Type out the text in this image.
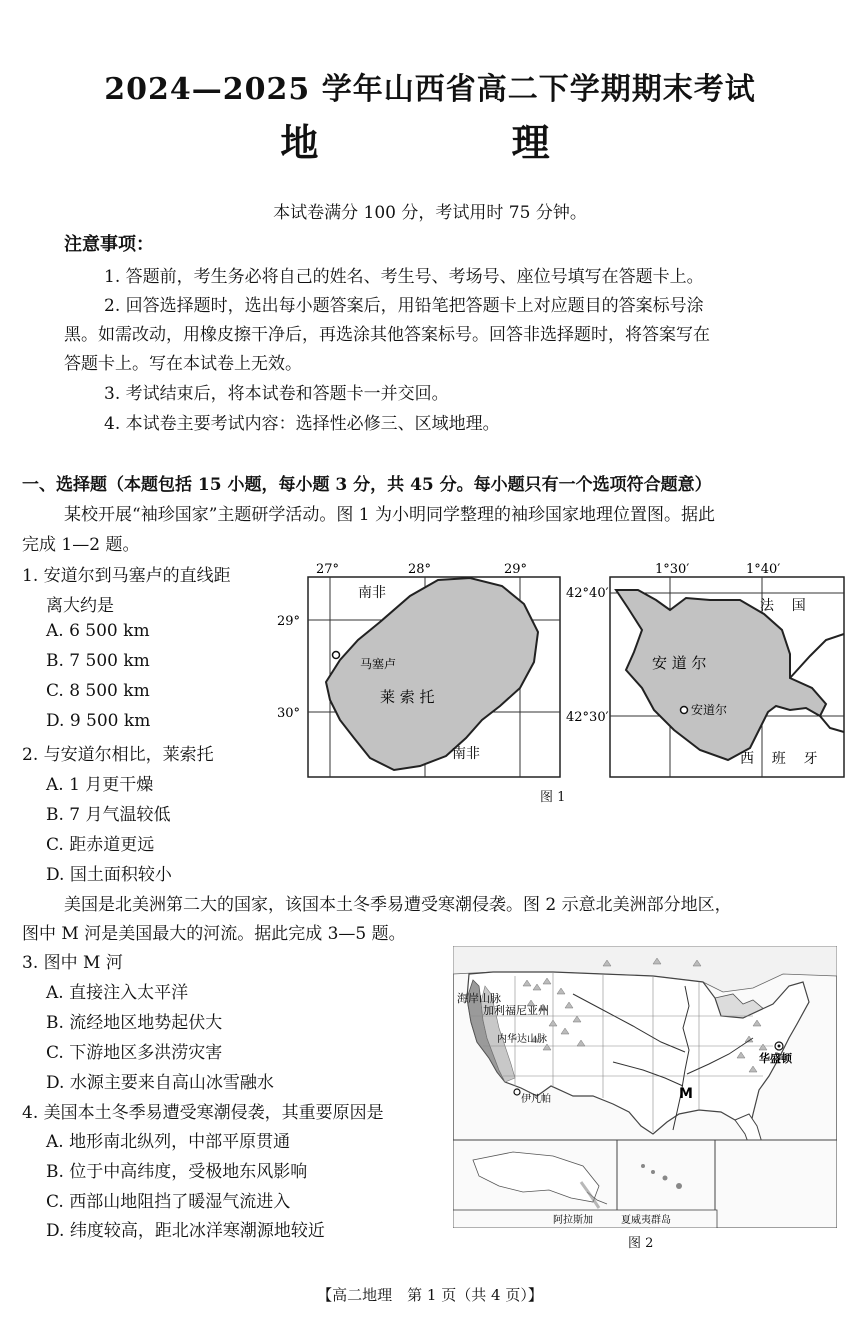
2024—2025 学年山西省高二下学期期末考试
地 理
本试卷满分 100 分，考试用时 75 分钟。
注意事项：
1. 答题前，考生务必将自己的姓名、考生号、考场号、座位号填写在答题卡上。
2. 回答选择题时，选出每小题答案后，用铅笔把答题卡上对应题目的答案标号涂
黑。如需改动，用橡皮擦干净后，再选涂其他答案标号。回答非选择题时，将答案写在
答题卡上。写在本试卷上无效。
3. 考试结束后，将本试卷和答题卡一并交回。
4. 本试卷主要考试内容：选择性必修三、区域地理。
一、选择题（本题包括 15 小题，每小题 3 分，共 45 分。每小题只有一个选项符合题意）
某校开展“袖珍国家”主题研学活动。图 1 为小明同学整理的袖珍国家地理位置图。据此
完成 1—2 题。
1. 安道尔到马塞卢的直线距
离大约是
A. 6 500 km
B. 7 500 km
C. 8 500 km
D. 9 500 km
2. 与安道尔相比，莱索托
A. 1 月更干燥
B. 7 月气温较低
C. 距赤道更远
D. 国土面积较小
27°	28°	29°
29°
30°
南非
马塞卢
莱 索 托
南非
1°30′	1°40′
42°40′
42°30′
法    国
安 道 尔
安道尔
西    班    牙
图 1
美国是北美洲第二大的国家，该国本土冬季易遭受寒潮侵袭。图 2 示意北美洲部分地区，
图中 M 河是美国最大的河流。据此完成 3—5 题。
3. 图中 M 河
A. 直接注入太平洋
B. 流经地区地势起伏大
C. 下游地区多洪涝灾害
D. 水源主要来自高山冰雪融水
4. 美国本土冬季易遭受寒潮侵袭，其重要原因是
A. 地形南北纵列，中部平原贯通
B. 位于中高纬度，受极地东风影响
C. 西部山地阻挡了暖湿气流进入
D. 纬度较高，距北冰洋寒潮源地较近
海岸山脉
加利福尼亚州
内华达山脉
伊凡帕	M
华盛顿
阿拉斯加	夏威夷群岛
图 2
【高二地理　第 1 页（共 4 页）】
